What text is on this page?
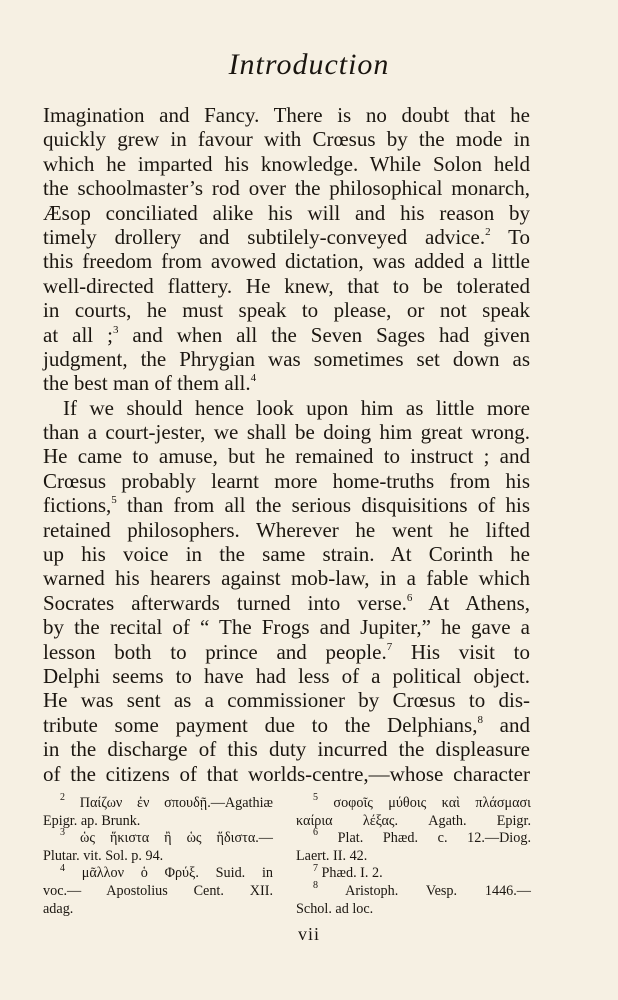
Introduction
Imagination and Fancy. There is no doubt that he
quickly grew in favour with Crœsus by the mode in
which he imparted his knowledge. While Solon held
the schoolmaster’s rod over the philosophical monarch,
Æsop conciliated alike his will and his reason by
timely drollery and subtilely-conveyed advice.$^2$ To
this freedom from avowed dictation, was added a little
well-directed flattery. He knew, that to be tolerated
in courts, he must speak to please, or not speak
at all ;$^3$ and when all the Seven Sages had given
judgment, the Phrygian was sometimes set down as
the best man of them all.$^4$
If we should hence look upon him as little more
than a court-jester, we shall be doing him great wrong.
He came to amuse, but he remained to instruct ; and
Crœsus probably learnt more home-truths from his
fictions,$^5$ than from all the serious disquisitions of his
retained philosophers. Wherever he went he lifted
up his voice in the same strain. At Corinth he
warned his hearers against mob-law, in a fable which
Socrates afterwards turned into verse.$^6$ At Athens,
by the recital of “ The Frogs and Jupiter,” he gave a
lesson both to prince and people.$^7$ His visit to
Delphi seems to have had less of a political object.
He was sent as a commissioner by Crœsus to dis-
tribute some payment due to the Delphians,$^8$ and
in the discharge of this duty incurred the displeasure
of the citizens of that worlds-centre,—whose character
$^2$ Παίζων ἐν σπουδῇ.—Agathiæ
Epigr. ap. Brunk.
$^3$ ὡς ἥκιστα ἢ ὡς ἥδιστα.—
Plutar. vit. Sol. p. 94.
$^4$ μᾶλλον ὁ Φρύξ. Suid. in
voc.— Apostolius Cent. XII.
adag.
$^5$ σοφοῖς μύθοις καὶ πλάσμασι
καίρια λέξας. Agath. Epigr.
$^6$ Plat. Phæd. c. 12.—Diog.
Laert. II. 42.
$^7$ Phæd. I. 2.
$^8$ Aristoph. Vesp. 1446.—
Schol. ad loc.
vii
